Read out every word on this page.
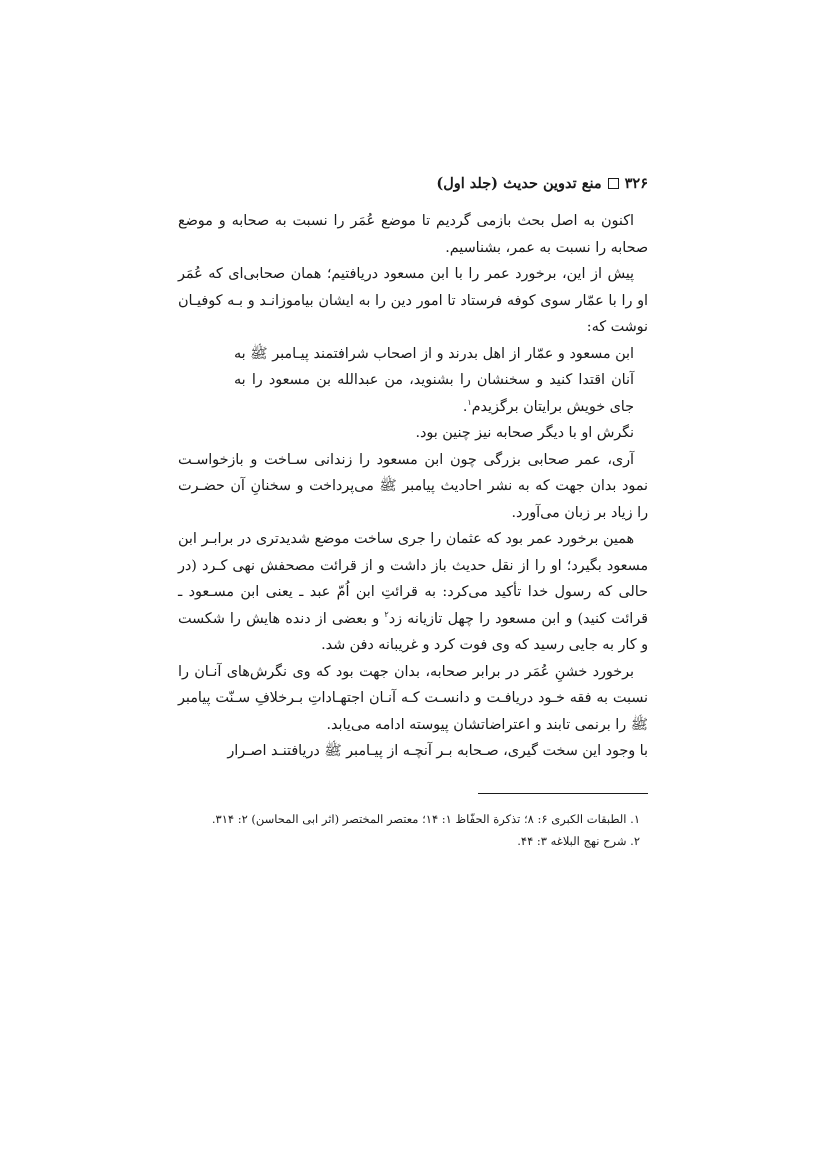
۳۲۶
منع تدوین حدیث (جلد اول)

اکنون به اصل بحث بازمی گردیم تا موضع عُمَر را نسبت به صحابه و موضع صحابه را نسبت به عمر، بشناسیم.

پیش از این، برخورد عمر را با ابن مسعود دریافتیم؛ همان صحابی‌ای که عُمَر او را با عمّار سوی کوفه فرستاد تا امور دین را به ایشان بیاموزانـد و بـه کوفیـان نوشت که:

ابن مسعود و عمّار از اهل بدرند و از اصحاب شرافتمند پیـامبر ﷺ به آنان اقتدا کنید و سخنشان را بشنوید، من عبدالله بن مسعود را به جای خویش برایتان برگزیدم$^۱$.

نگرش او با دیگر صحابه نیز چنین بود.

آری، عمر صحابی بزرگی چون ابن مسعود را زندانی سـاخت و بازخواسـت نمود بدان جهت که به نشر احادیث پیامبر ﷺ می‌پرداخت و سخنانِ آن حضـرت را زیاد بر زبان می‌آورد.

همین برخورد عمر بود که عثمان را جری ساخت موضع شدیدتری در برابـر ابن مسعود بگیرد؛ او را از نقل حدیث باز داشت و از قرائت مصحفش نهی کـرد (در حالی که رسول خدا تأکید می‌کرد: به قرائتِ ابن اُمّ عبد ـ یعنی ابن مسـعود ـ قرائت کنید) و ابن مسعود را چهل تازیانه زد$^۲$ و بعضی از دنده هایش را شکست و کار به جایی رسید که وی فوت کرد و غریبانه دفن شد.

برخورد خشنِ عُمَر در برابر صحابه، بدان جهت بود که وی نگرش‌های آنـان را نسبت به فقه خـود دریافـت و دانسـت کـه آنـان اجتهـاداتِ بـرخلافِ سـنّت پیامبر ﷺ را برنمی تابند و اعتراضاتشان پیوسته ادامه می‌یابد.

با وجود این سخت گیری، صـحابه بـر آنچـه از پیـامبر ﷺ دریافتنـد اصـرار

۱. الطبقات الکبری ۶: ۸؛ تذکرة الحفّاظ ۱: ۱۴؛ معتصر المختصر (اثر ابی المحاسن) ۲: ۳۱۴.

۲. شرح نهج البلاغه ۳: ۴۴.
